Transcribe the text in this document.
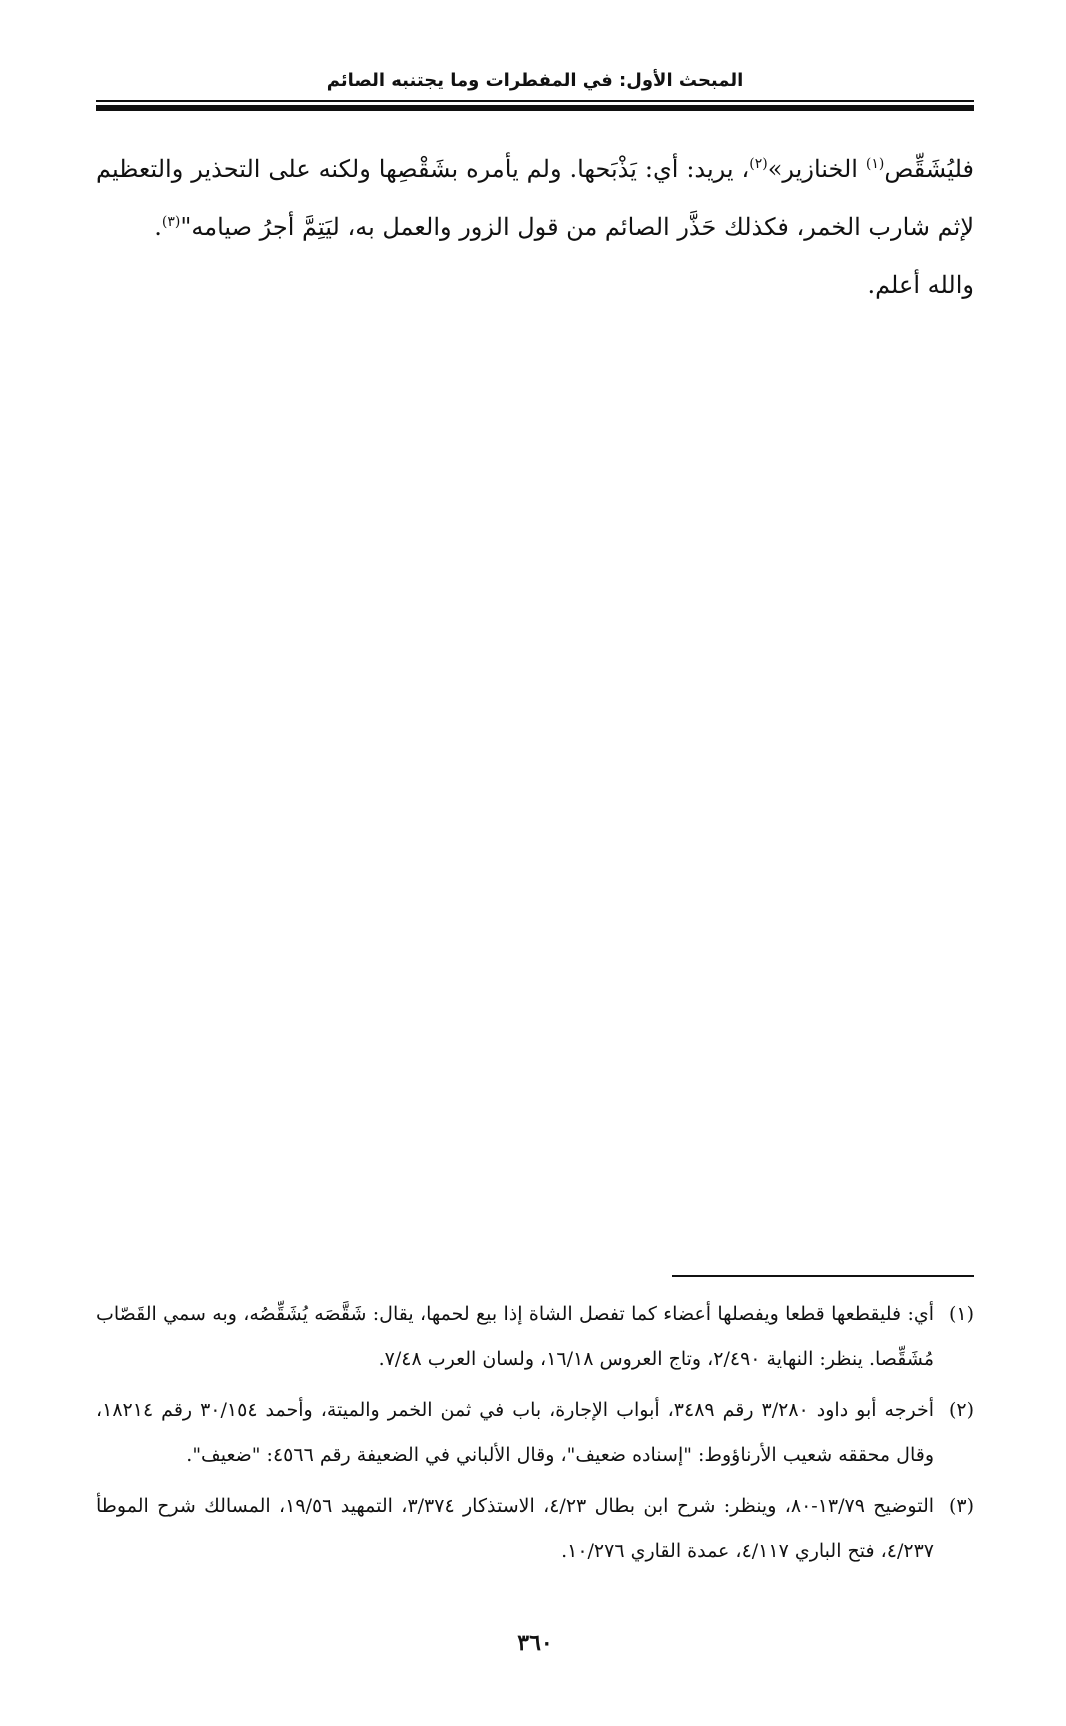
المبحث الأول: في المفطرات وما يجتنبه الصائم

فليُشَقِّص$^{(١)}$ الخنازير»$^{(٢)}$، يريد: أي: يَذْبَحها. ولم يأمره بشَقْصِها ولكنه على التحذير والتعظيم لإثم شارب الخمر، فكذلك حَذَّر الصائم من قول الزور والعمل به، ليَتِمَّ أجرُ صيامه"$^{(٣)}$.

والله أعلم.

(١)
أي: فليقطعها قطعا ويفصلها أعضاء كما تفصل الشاة إذا بيع لحمها، يقال: شَقَّصَه يُشَقِّصُه، وبه سمي القَصّاب مُشَقِّصا. ينظر: النهاية ٢/٤٩٠، وتاج العروس ١٦/١٨، ولسان العرب ٧/٤٨.
(٢)
أخرجه أبو داود ٣/٢٨٠ رقم ٣٤٨٩، أبواب الإجارة، باب في ثمن الخمر والميتة، وأحمد ٣٠/١٥٤ رقم ١٨٢١٤، وقال محققه شعيب الأرناؤوط: "إسناده ضعيف"، وقال الألباني في الضعيفة رقم ٤٥٦٦: "ضعيف".
(٣)
التوضيح ١٣/٧٩-٨٠، وينظر: شرح ابن بطال ٤/٢٣، الاستذكار ٣/٣٧٤، التمهيد ١٩/٥٦، المسالك شرح الموطأ ٤/٢٣٧، فتح الباري ٤/١١٧، عمدة القاري ١٠/٢٧٦.
٣٦٠
